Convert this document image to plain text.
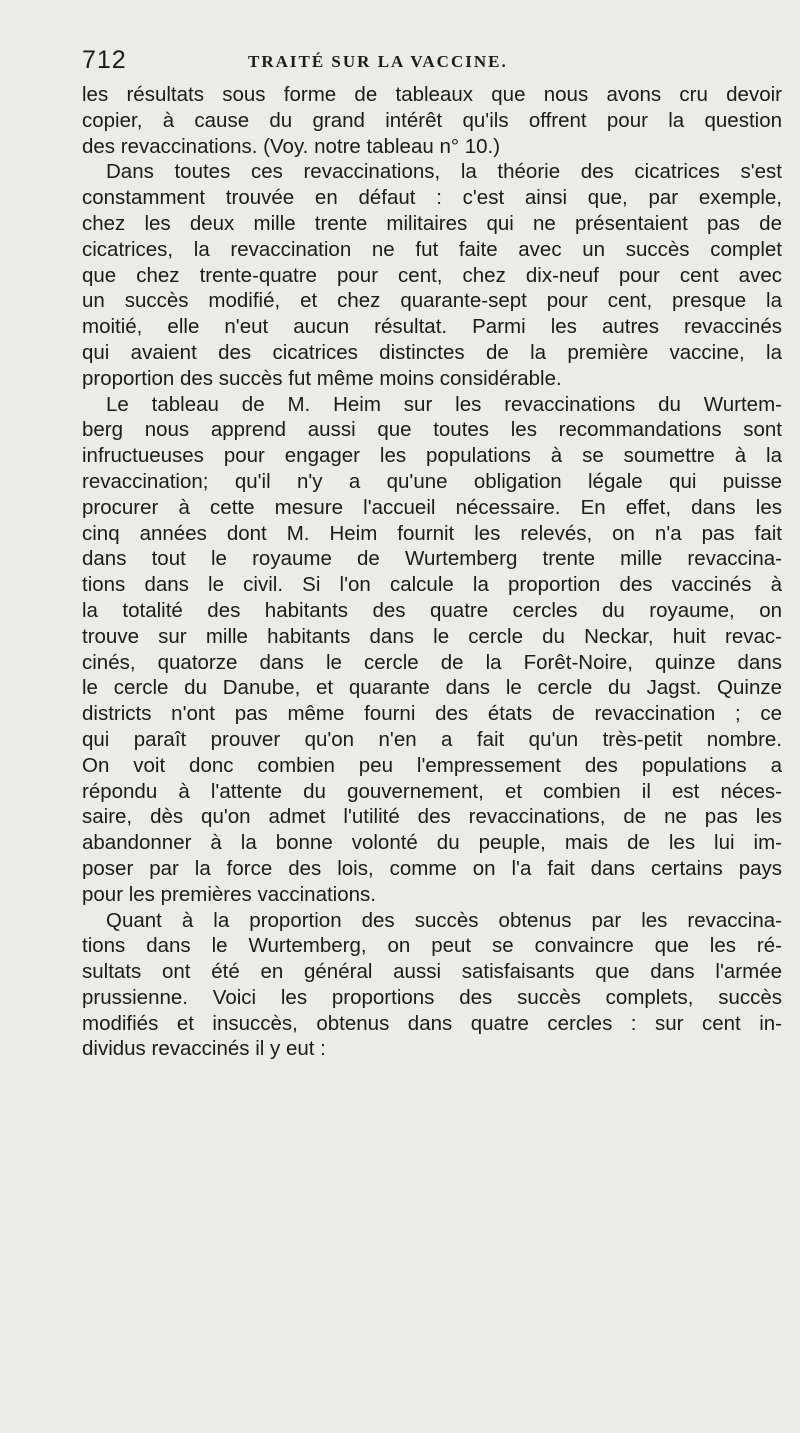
712	TRAITÉ SUR LA VACCINE.
les résultats sous forme de tableaux que nous avons cru devoir
copier, à cause du grand intérêt qu'ils offrent pour la question
des revaccinations. (Voy. notre tableau n° 10.)
Dans toutes ces revaccinations, la théorie des cicatrices s'est
constamment trouvée en défaut : c'est ainsi que, par exemple,
chez les deux mille trente militaires qui ne présentaient pas de
cicatrices, la revaccination ne fut faite avec un succès complet
que chez trente-quatre pour cent, chez dix-neuf pour cent avec
un succès modifié, et chez quarante-sept pour cent, presque la
moitié, elle n'eut aucun résultat. Parmi les autres revaccinés
qui avaient des cicatrices distinctes de la première vaccine, la
proportion des succès fut même moins considérable.
Le tableau de M. Heim sur les revaccinations du Wurtem-
berg nous apprend aussi que toutes les recommandations sont
infructueuses pour engager les populations à se soumettre à la
revaccination; qu'il n'y a qu'une obligation légale qui puisse
procurer à cette mesure l'accueil nécessaire. En effet, dans les
cinq années dont M. Heim fournit les relevés, on n'a pas fait
dans tout le royaume de Wurtemberg trente mille revaccina-
tions dans le civil. Si l'on calcule la proportion des vaccinés à
la totalité des habitants des quatre cercles du royaume, on
trouve sur mille habitants dans le cercle du Neckar, huit revac-
cinés, quatorze dans le cercle de la Forêt-Noire, quinze dans
le cercle du Danube, et quarante dans le cercle du Jagst. Quinze
districts n'ont pas même fourni des états de revaccination ; ce
qui paraît prouver qu'on n'en a fait qu'un très-petit nombre.
On voit donc combien peu l'empressement des populations a
répondu à l'attente du gouvernement, et combien il est néces-
saire, dès qu'on admet l'utilité des revaccinations, de ne pas les
abandonner à la bonne volonté du peuple, mais de les lui im-
poser par la force des lois, comme on l'a fait dans certains pays
pour les premières vaccinations.
Quant à la proportion des succès obtenus par les revaccina-
tions dans le Wurtemberg, on peut se convaincre que les ré-
sultats ont été en général aussi satisfaisants que dans l'armée
prussienne. Voici les proportions des succès complets, succès
modifiés et insuccès, obtenus dans quatre cercles : sur cent in-
dividus revaccinés il y eut :
